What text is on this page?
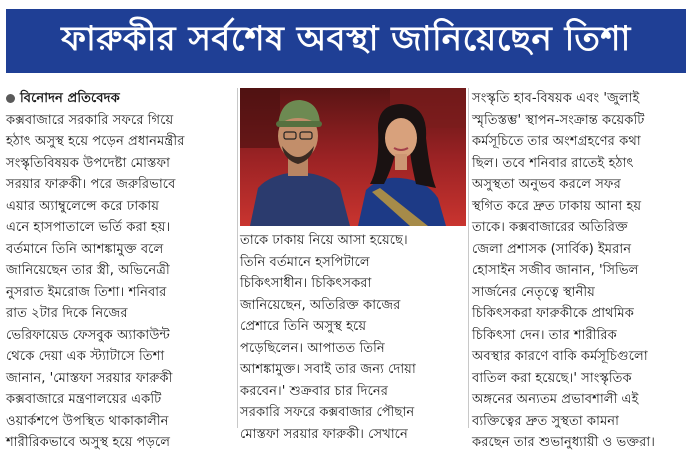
ফারুকীর সর্বশেষ অবস্থা জানিয়েছেন তিশা
বিনোদন প্রতিবেদক
কক্সবাজারে সরকারি সফরে গিয়ে
হঠাৎ অসুস্থ হয়ে পড়েন প্রধানমন্ত্রীর
সংস্কৃতিবিষয়ক উপদেষ্টা মোস্তফা
সরয়ার ফারুকী। পরে জরুরিভাবে
এয়ার অ্যাম্বুলেন্সে করে ঢাকায়
এনে হাসপাতালে ভর্তি করা হয়।
বর্তমানে তিনি আশঙ্কামুক্ত বলে
জানিয়েছেন তার স্ত্রী, অভিনেত্রী
নুসরাত ইমরোজ তিশা। শনিবার
রাত ২টার দিকে নিজের
ভেরিফায়েড ফেসবুক অ্যাকাউন্ট
থেকে দেয়া এক স্ট্যাটাসে তিশা
জানান, 'মোস্তফা সরয়ার ফারুকী
কক্সবাজারে মন্ত্রণালয়ের একটি
ওয়ার্কশপে উপস্থিত থাকাকালীন
শারীরিকভাবে অসুস্থ হয়ে পড়লে
তাকে ঢাকায় নিয়ে আসা হয়েছে।
তিনি বর্তমানে হসপিটালে
চিকিৎসাধীন। চিকিৎসকরা
জানিয়েছেন, অতিরিক্ত কাজের
প্রেশারে তিনি অসুস্থ হয়ে
পড়েছিলেন। আপাতত তিনি
আশঙ্কামুক্ত। সবাই তার জন্য দোয়া
করবেন।' শুক্রবার চার দিনের
সরকারি সফরে কক্সবাজার পৌছান
মোস্তফা সরয়ার ফারুকী। সেখানে
সংস্কৃতি হাব-বিষয়ক এবং 'জুলাই
স্মৃতিস্তম্ভ' স্থাপন-সংক্রান্ত কয়েকটি
কর্মসূচিতে তার অংশগ্রহণের কথা
ছিল। তবে শনিবার রাতেই হঠাৎ
অসুস্থতা অনুভব করলে সফর
স্থগিত করে দ্রুত ঢাকায় আনা হয়
তাকে। কক্সবাজারের অতিরিক্ত
জেলা প্রশাসক (সার্বিক) ইমরান
হোসাইন সজীব জানান, 'সিভিল
সার্জনের নেতৃত্বে স্থানীয়
চিকিৎসকরা ফারুকীকে প্রাথমিক
চিকিৎসা দেন। তার শারীরিক
অবস্থার কারণে বাকি কর্মসূচিগুলো
বাতিল করা হয়েছে।' সাংস্কৃতিক
অঙ্গনের অন্যতম প্রভাবশালী এই
ব্যক্তিত্বের দ্রুত সুস্থতা কামনা
করছেন তার শুভানুধ্যায়ী ও ভক্তরা।
